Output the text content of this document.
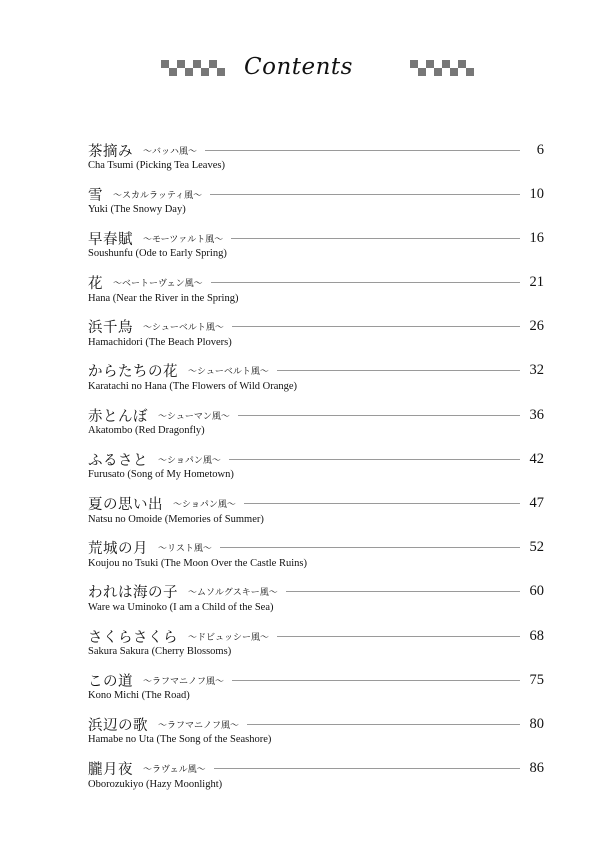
Contents
茶摘み ～バッハ風～	6
Cha Tsumi (Picking Tea Leaves)
雪 ～スカルラッティ風～	10
Yuki (The Snowy Day)
早春賦 ～モーツァルト風～	16
Soushunfu (Ode to Early Spring)
花 ～ベートーヴェン風～	21
Hana (Near the River in the Spring)
浜千鳥 ～シューベルト風～	26
Hamachidori (The Beach Plovers)
からたちの花 ～シューベルト風～	32
Karatachi no Hana (The Flowers of Wild Orange)
赤とんぼ ～シューマン風～	36
Akatombo (Red Dragonfly)
ふるさと ～ショパン風～	42
Furusato (Song of My Hometown)
夏の思い出 ～ショパン風～	47
Natsu no Omoide (Memories of Summer)
荒城の月 ～リスト風～	52
Koujou no Tsuki (The Moon Over the Castle Ruins)
われは海の子 ～ムソルグスキー風～	60
Ware wa Uminoko (I am a Child of the Sea)
さくらさくら ～ドビュッシー風～	68
Sakura Sakura (Cherry Blossoms)
この道 ～ラフマニノフ風～	75
Kono Michi (The Road)
浜辺の歌 ～ラフマニノフ風～	80
Hamabe no Uta (The Song of the Seashore)
朧月夜 ～ラヴェル風～	86
Oborozukiyo (Hazy Moonlight)
